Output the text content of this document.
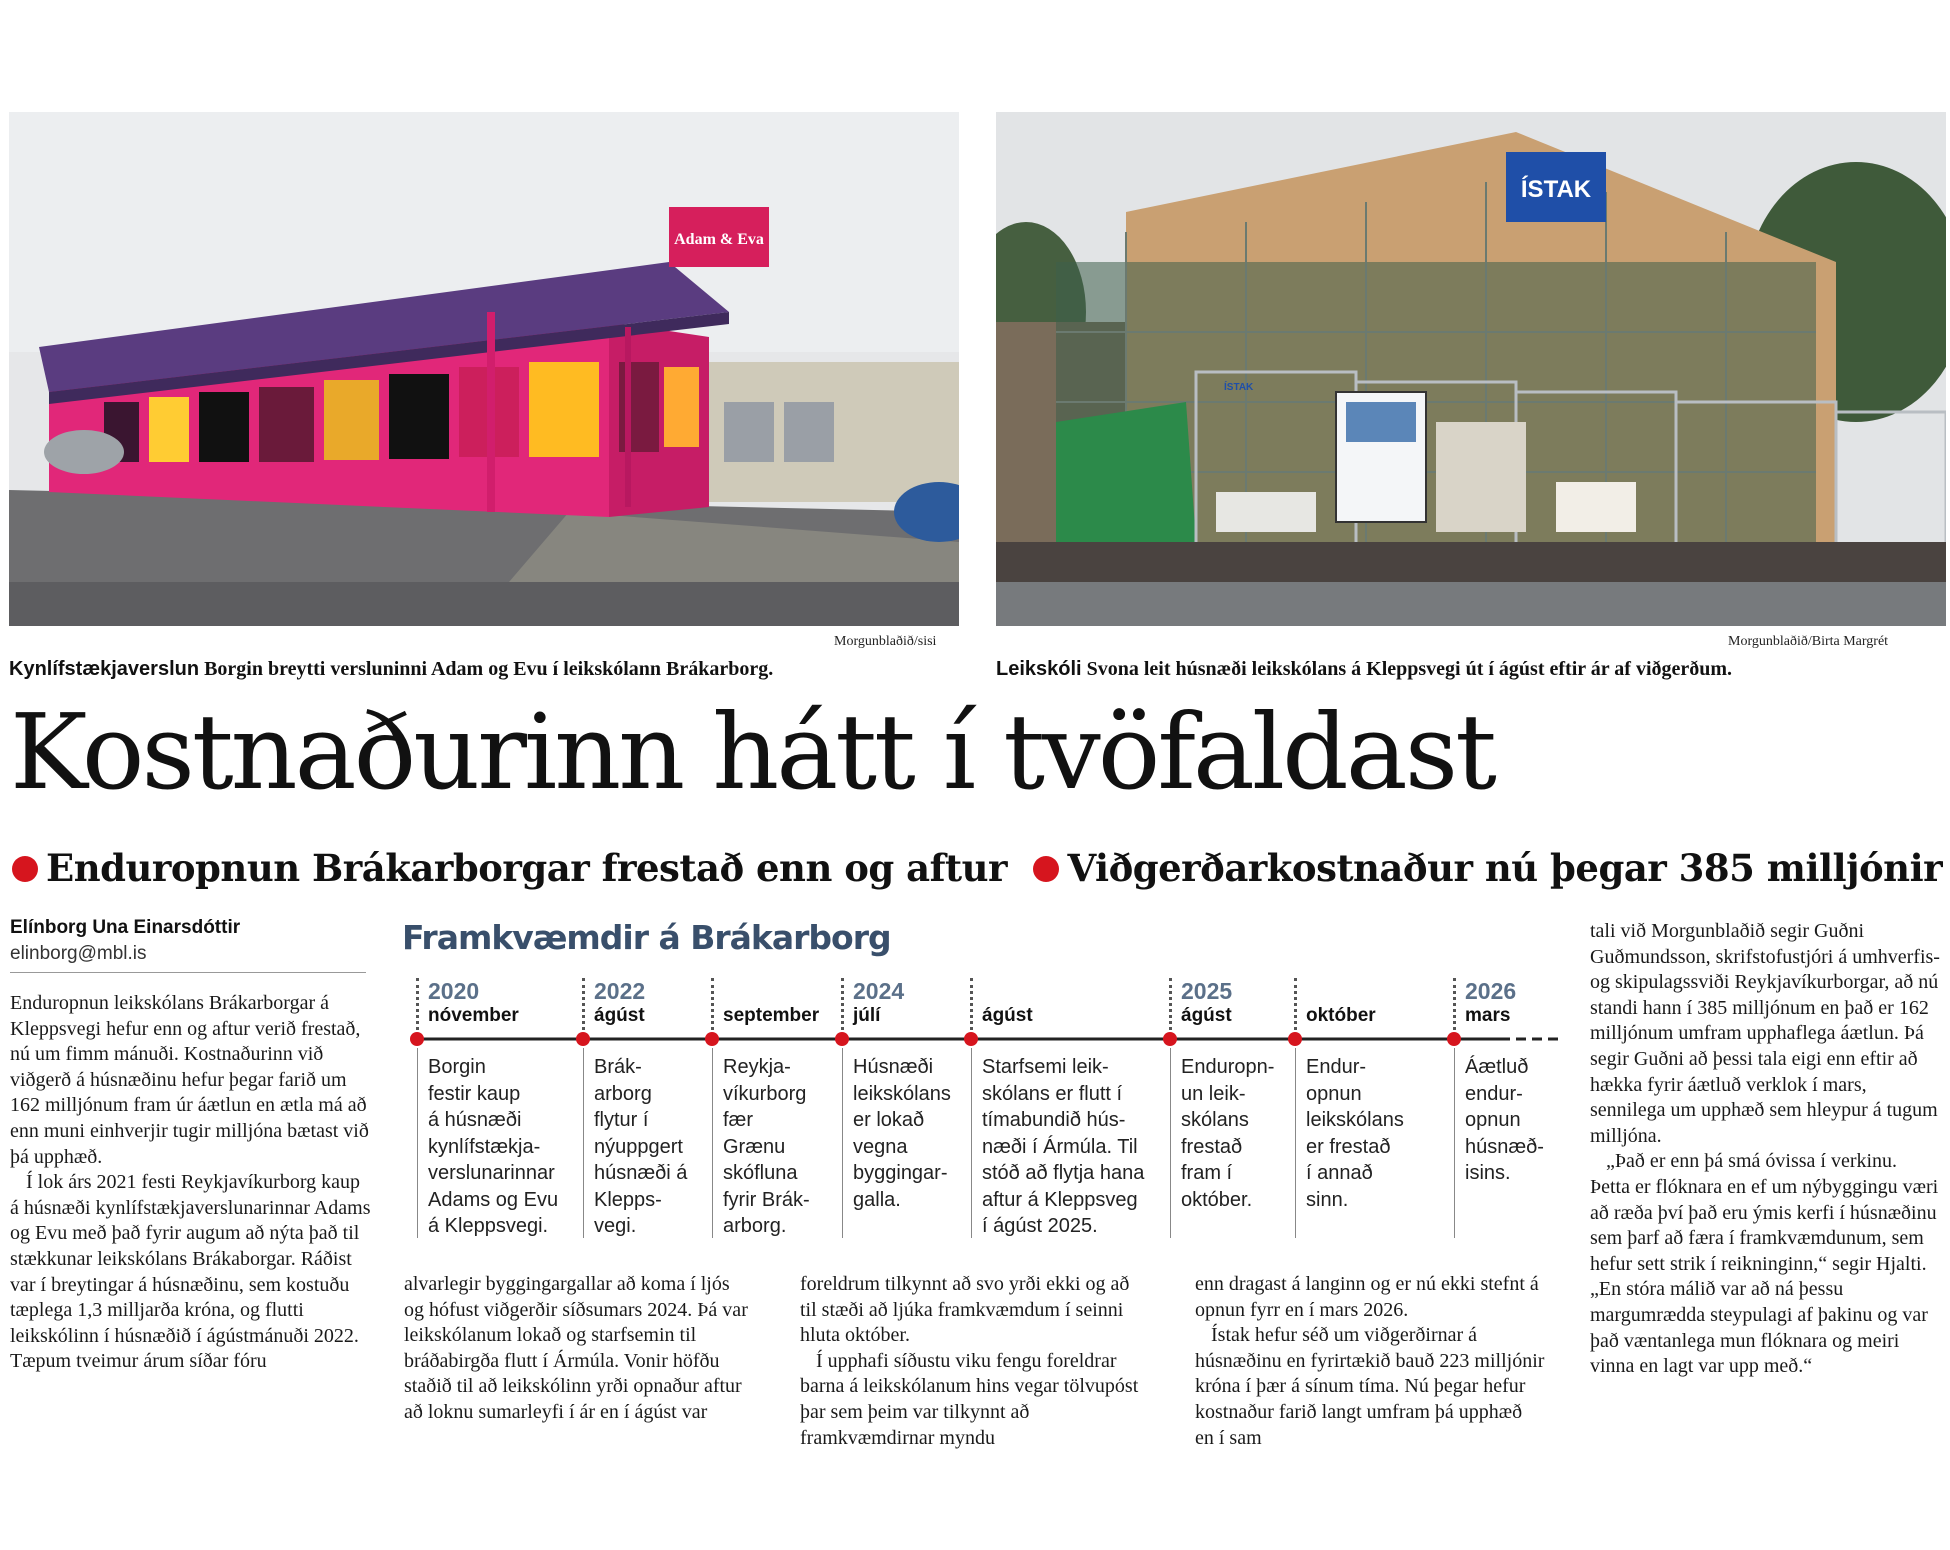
Adam & Eva
Morgunblaðið/sisi
Kynlífstækjaverslun Borgin breytti versluninni Adam og Evu í leikskólann Brákarborg.
ÍSTAK
ÍSTAK
Morgunblaðið/Birta Margrét
Leikskóli Svona leit húsnæði leikskólans á Kleppsvegi út í ágúst eftir ár af viðgerðum.
Kostnaðurinn hátt í tvöfaldast
Enduropnun Brákarborgar frestað enn og aftur Viðgerðarkostnaður nú þegar 385 milljónir
Elínborg Una Einarsdóttir
elinborg@mbl.is

Enduropnun leikskólans Brákarborgar á Kleppsvegi hefur enn og aftur verið frestað, nú um fimm mánuði. Kostnaðurinn við viðgerð á húsnæðinu hefur þegar farið um 162 milljónum fram úr áætlun en ætla má að enn muni einhverjir tugir milljóna bætast við þá upphæð.

Í lok árs 2021 festi Reykjavíkurborg kaup á húsnæði kynlífstækjaverslunarinnar Adams og Evu með það fyrir augum að nýta það til stækkunar leikskólans Brákaborgar. Ráðist var í breytingar á húsnæðinu, sem kostuðu tæplega 1,3 milljarða króna, og flutti leikskólinn í húsnæðið í ágústmánuði 2022. Tæpum tveimur árum síðar fóru

Framkvæmdir á Brákarborg
2020
nóvember
Borgin
festir kaup
á húsnæði
kynlífstækja-
verslunarinnar
Adams og Evu
á Kleppsvegi.
2022
ágúst
Brák-
arborg
flytur í
nýuppgert
húsnæði á
Klepps-
vegi.
september
Reykja-
víkurborg
fær
Grænu
skófluna
fyrir Brák-
arborg.
2024
júlí
Húsnæði
leikskólans
er lokað
vegna
byggingar-
galla.
ágúst
Starfsemi leik-
skólans er flutt í
tímabundið hús-
næði í Ármúla. Til
stóð að flytja hana
aftur á Kleppsveg
í ágúst 2025.
2025
ágúst
Enduropn-
un leik-
skólans
frestað
fram í
október.
október
Endur-
opnun
leikskólans
er frestað
í annað
sinn.
2026
mars
Áætluð
endur-
opnun
húsnæð-
isins.

alvarlegir byggingargallar að koma í ljós og hófust viðgerðir síðsumars 2024. Þá var leikskólanum lokað og starfsemin til bráðabirgða flutt í Ármúla. Vonir höfðu staðið til að leikskólinn yrði opnaður aftur að loknu sumarleyfi í ár en í ágúst var

foreldrum tilkynnt að svo yrði ekki og að til stæði að ljúka framkvæmdum í seinni hluta október.

Í upphafi síðustu viku fengu foreldrar barna á leikskólanum hins vegar tölvupóst þar sem þeim var tilkynnt að framkvæmdirnar myndu

enn dragast á langinn og er nú ekki stefnt á opnun fyrr en í mars 2026.

Ístak hefur séð um viðgerðirnar á húsnæðinu en fyrirtækið bauð 223 milljónir króna í þær á sínum tíma. Nú þegar hefur kostnaður farið langt umfram þá upphæð en í sam

tali við Morgunblaðið segir Guðni Guðmundsson, skrifstofustjóri á umhverfis- og skipulagssviði Reykjavíkurborgar, að nú standi hann í 385 milljónum en það er 162 milljónum umfram upphaflega áætlun. Þá segir Guðni að þessi tala eigi enn eftir að hækka fyrir áætluð verklok í mars, sennilega um upphæð sem hleypur á tugum milljóna.

„Það er enn þá smá óvissa í verkinu. Þetta er flóknara en ef um nýbyggingu væri að ræða því það eru ýmis kerfi í húsnæðinu sem þarf að færa í framkvæmdunum, sem hefur sett strik í reikninginn,“ segir Hjalti. „En stóra málið var að ná þessu margumrædda steypulagi af þakinu og var það væntanlega mun flóknara og meiri vinna en lagt var upp með.“
